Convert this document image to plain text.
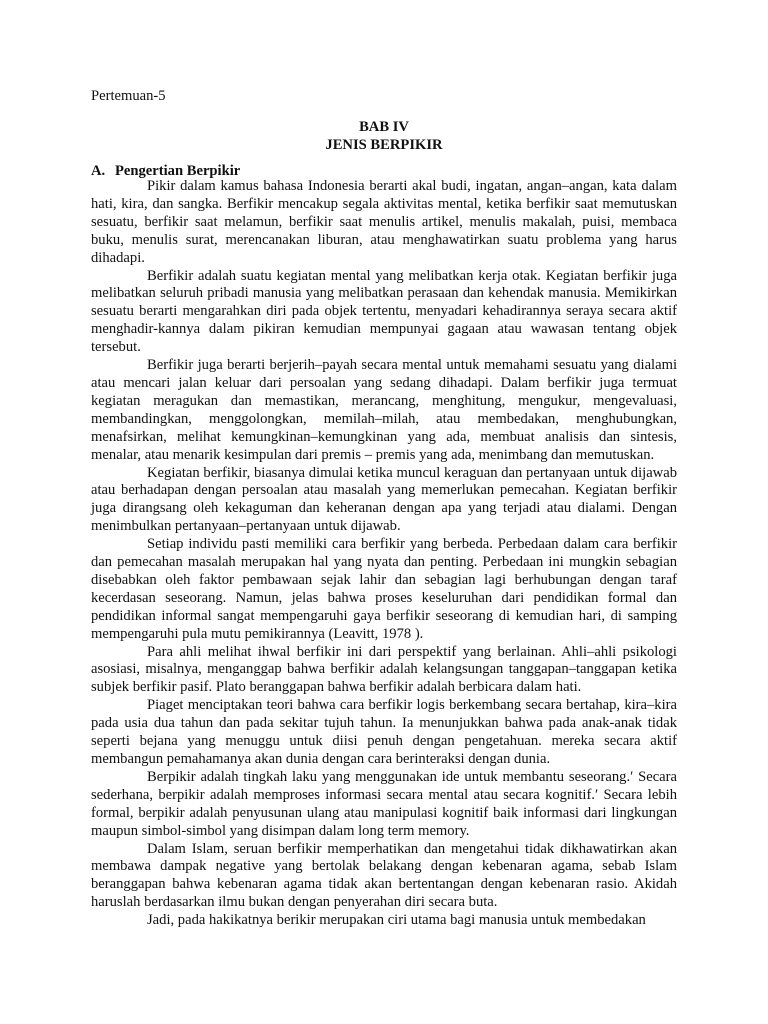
Pertemuan-5

BAB IV
JENIS BERPIKIR
A. Pengertian Berpikir

Pikir dalam kamus bahasa Indonesia berarti akal budi, ingatan, angan–angan, kata dalam hati, kira, dan sangka. Berfikir mencakup segala aktivitas mental, ketika berfikir saat memutuskan sesuatu, berfikir saat melamun, berfikir saat menulis artikel, menulis makalah, puisi, membaca buku, menulis surat, merencanakan liburan, atau menghawatirkan suatu problema yang harus dihadapi.

Berfikir adalah suatu kegiatan mental yang melibatkan kerja otak. Kegiatan berfikir juga melibatkan seluruh pribadi manusia yang melibatkan perasaan dan kehendak manusia. Memikirkan sesuatu berarti mengarahkan diri pada objek tertentu, menyadari kehadirannya seraya secara aktif menghadir-kannya dalam pikiran kemudian mempunyai gagaan atau wawasan tentang objek tersebut.

Berfikir juga berarti berjerih–payah secara mental untuk memahami sesuatu yang dialami atau mencari jalan keluar dari persoalan yang sedang dihadapi. Dalam berfikir juga termuat kegiatan meragukan dan memastikan, merancang, menghitung, mengukur, mengevaluasi, membandingkan, menggolongkan, memilah–milah, atau membedakan, menghubungkan, menafsirkan, melihat kemungkinan–kemungkinan yang ada, membuat analisis dan sintesis, menalar, atau menarik kesimpulan dari premis – premis yang ada, menimbang dan memutuskan.

Kegiatan berfikir, biasanya dimulai ketika muncul keraguan dan pertanyaan untuk dijawab atau berhadapan dengan persoalan atau masalah yang memerlukan pemecahan. Kegiatan berfikir juga dirangsang oleh kekaguman dan keheranan dengan apa yang terjadi atau dialami. Dengan menimbulkan pertanyaan–pertanyaan untuk dijawab.

Setiap individu pasti memiliki cara berfikir yang berbeda. Perbedaan dalam cara berfikir dan pemecahan masalah merupakan hal yang nyata dan penting. Perbedaan ini mungkin sebagian disebabkan oleh faktor pembawaan sejak lahir dan sebagian lagi berhubungan dengan taraf kecerdasan seseorang. Namun, jelas bahwa proses keseluruhan dari pendidikan formal dan pendidikan informal sangat mempengaruhi gaya berfikir seseorang di kemudian hari, di samping mempengaruhi pula mutu pemikirannya (Leavitt, 1978 ).

Para ahli melihat ihwal berfikir ini dari perspektif yang berlainan. Ahli–ahli psikologi asosiasi, misalnya, menganggap bahwa berfikir adalah kelangsungan tanggapan–tanggapan ketika subjek berfikir pasif. Plato beranggapan bahwa berfikir adalah berbicara dalam hati.

Piaget menciptakan teori bahwa cara berfikir logis berkembang secara bertahap, kira–kira pada usia dua tahun dan pada sekitar tujuh tahun. Ia menunjukkan bahwa pada anak-anak tidak seperti bejana yang menuggu untuk diisi penuh dengan pengetahuan. mereka secara aktif membangun pemahamanya akan dunia dengan cara berinteraksi dengan dunia.

Berpikir adalah tingkah laku yang menggunakan ide untuk membantu seseorang.′ Secara sederhana, berpikir adalah memproses informasi secara mental atau secara kognitif.′ Secara lebih formal, berpikir adalah penyusunan ulang atau manipulasi kognitif baik informasi dari lingkungan maupun simbol-simbol yang disimpan dalam long term memory.

Dalam Islam, seruan berfikir memperhatikan dan mengetahui tidak dikhawatirkan akan membawa dampak negative yang bertolak belakang dengan kebenaran agama, sebab Islam beranggapan bahwa kebenaran agama tidak akan bertentangan dengan kebenaran rasio. Akidah haruslah berdasarkan ilmu bukan dengan penyerahan diri secara buta.

Jadi, pada hakikatnya berikir merupakan ciri utama bagi manusia untuk membedakan
